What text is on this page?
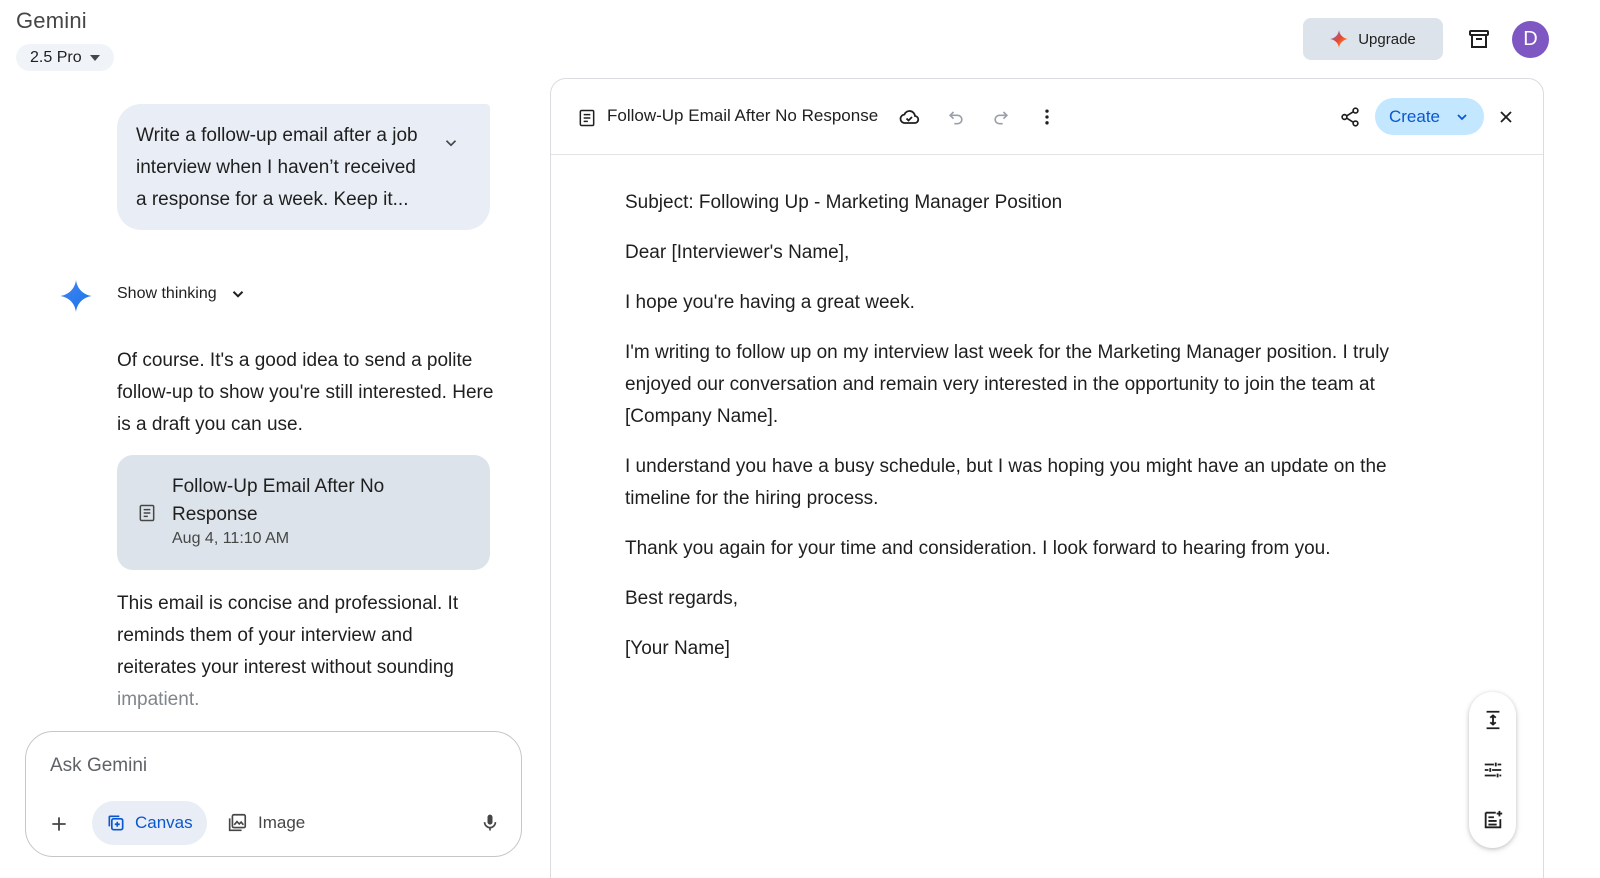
Gemini
2.5 Pro
Upgrade	D
Write a follow-up email after a job interview when I haven’t received a response for a week. Keep it...
Show thinking
Of course. It's a good idea to send a polite follow-up to show you're still interested. Here is a draft you can use.
Follow-Up Email After No Response
Aug 4, 11:10 AM
This email is concise and professional. It reminds them of your interview and reiterates your interest without sounding impatient.
Ask Gemini
Canvas	Image
Follow-Up Email After No Response	Create

Subject: Following Up - Marketing Manager Position

Dear [Interviewer's Name],

I hope you're having a great week.

I'm writing to follow up on my interview last week for the Marketing Manager position. I truly enjoyed our conversation and remain very interested in the opportunity to join the team at [Company Name].

I understand you have a busy schedule, but I was hoping you might have an update on the timeline for the hiring process.

Thank you again for your time and consideration. I look forward to hearing from you.

Best regards,

[Your Name]
